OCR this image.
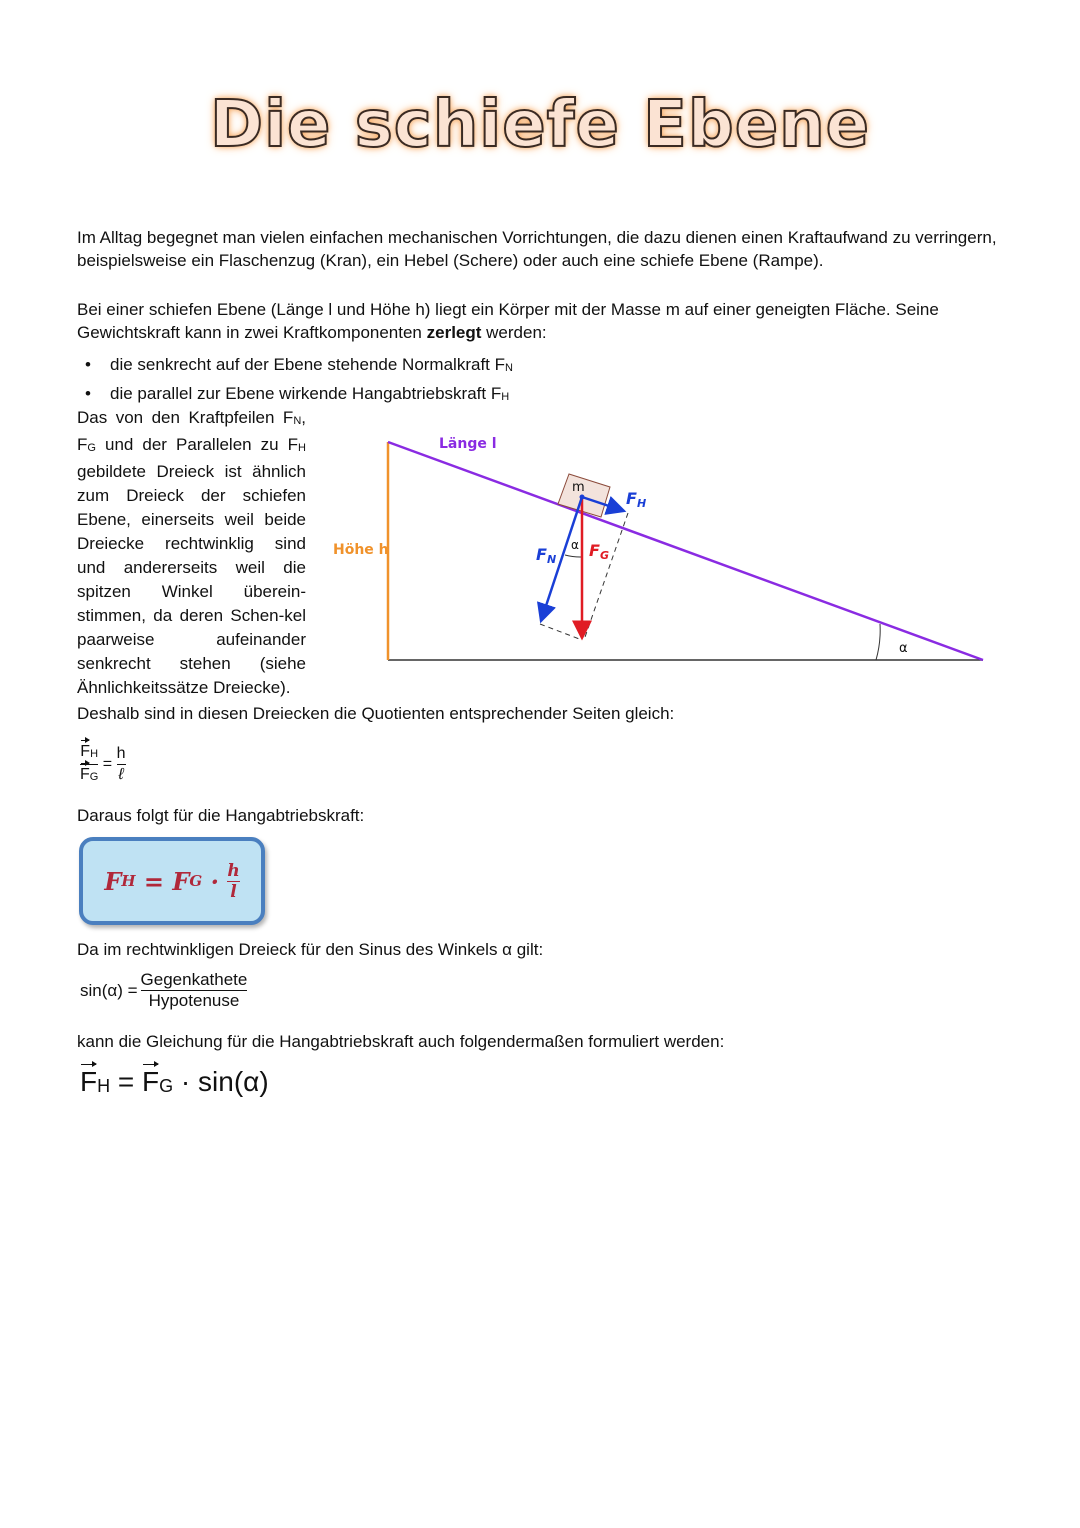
Die schiefe Ebene

Im Alltag begegnet man vielen einfachen mechanischen Vorrichtungen, die dazu dienen einen Kraftaufwand zu verringern, beispielsweise ein Flaschenzug (Kran), ein Hebel (Schere) oder auch eine schiefe Ebene (Rampe).

Bei einer schiefen Ebene (Länge l und Höhe h) liegt ein Körper mit der Masse m auf einer geneigten Fläche. Seine Gewichtskraft kann in zwei Kraftkomponenten zerlegt werden:

• die senkrecht auf der Ebene stehende Normalkraft $F_N$
• die parallel zur Ebene wirkende Hangabtriebskraft $F_H$

Das von den Kraftpfeilen $F_N$, $F_G$ und der Parallelen zu $F_H$ gebildete Dreieck ist ähnlich zum Dreieck der schiefen Ebene, einerseits weil beide Dreiecke rechtwinklig sind und andererseits weil die spitzen Winkel überein-stimmen, da deren Schen-kel paarweise aufeinander senkrecht stehen (siehe Ähnlichkeitssätze Dreiecke).

Länge l
Höhe h
m
α
α
FH
FN FG

Deshalb sind in diesen Dreiecken die Quotienten entsprechender Seiten gleich:

$\frac{F_H}{F_G} = \frac{h}{\text{ℓ}}$

Daraus folgt für die Hangabtriebskraft:

F H = F $G \cdot \frac{h}{l}$

Da im rechtwinkligen Dreieck für den Sinus des Winkels α gilt:

$\sin(\alpha) = \frac{\text{Gegenkathete}}{\text{Hypotenuse}}$

kann die Gleichung für die Hangabtriebskraft auch folgendermaßen formuliert werden:

$F_H = F_G \cdot \sin(\alpha)$
